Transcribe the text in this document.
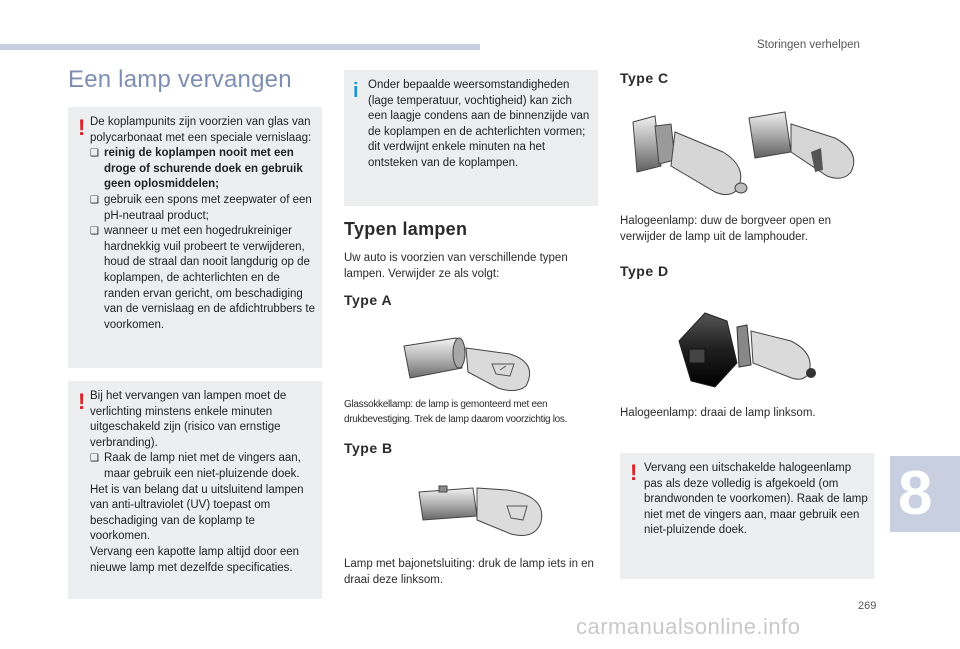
Storingen verhelpen
Een lamp vervangen
! De koplampunits zijn voorzien van glas van polycarbonaat met een speciale vernislaag:

❑ reinig de koplampen nooit met een droge of schurende doek en gebruik geen oplosmiddelen;
❑ gebruik een spons met zeepwater of een pH-neutraal product;
❑ wanneer u met een hogedrukreiniger hardnekkig vuil probeert te verwijderen, houd de straal dan nooit langdurig op de koplampen, de achterlichten en de randen ervan gericht, om beschadiging van de vernislaag en de afdichtrubbers te voorkomen.
! Bij het vervangen van lampen moet de verlichting minstens enkele minuten uitgeschakeld zijn (risico van ernstige verbranding).

❑ Raak de lamp niet met de vingers aan, maar gebruik een niet-pluizende doek.

Het is van belang dat u uitsluitend lampen van anti-ultraviolet (UV) toepast om beschadiging van de koplamp te voorkomen.

Vervang een kapotte lamp altijd door een nieuwe lamp met dezelfde specificaties.

i Onder bepaalde weersomstandigheden (lage temperatuur, vochtigheid) kan zich een laagje condens aan de binnenzijde van de koplampen en de achterlichten vormen; dit verdwijnt enkele minuten na het ontsteken van de koplampen.

Typen lampen
Uw auto is voorzien van verschillende typen lampen. Verwijder ze als volgt:
Type A
Glassokkellamp: de lamp is gemonteerd met een drukbevestiging. Trek de lamp daarom voorzichtig los.
Type B
Lamp met bajonetsluiting: druk de lamp iets in en draai deze linksom.
Type C
Halogeenlamp: duw de borgveer open en verwijder de lamp uit de lamphouder.
Type D
Halogeenlamp: draai de lamp linksom.
! Vervang een uitschakelde halogeenlamp pas als deze volledig is afgekoeld (om brandwonden te voorkomen). Raak de lamp niet met de vingers aan, maar gebruik een niet-pluizende doek.

8
269
carmanualsonline.info
